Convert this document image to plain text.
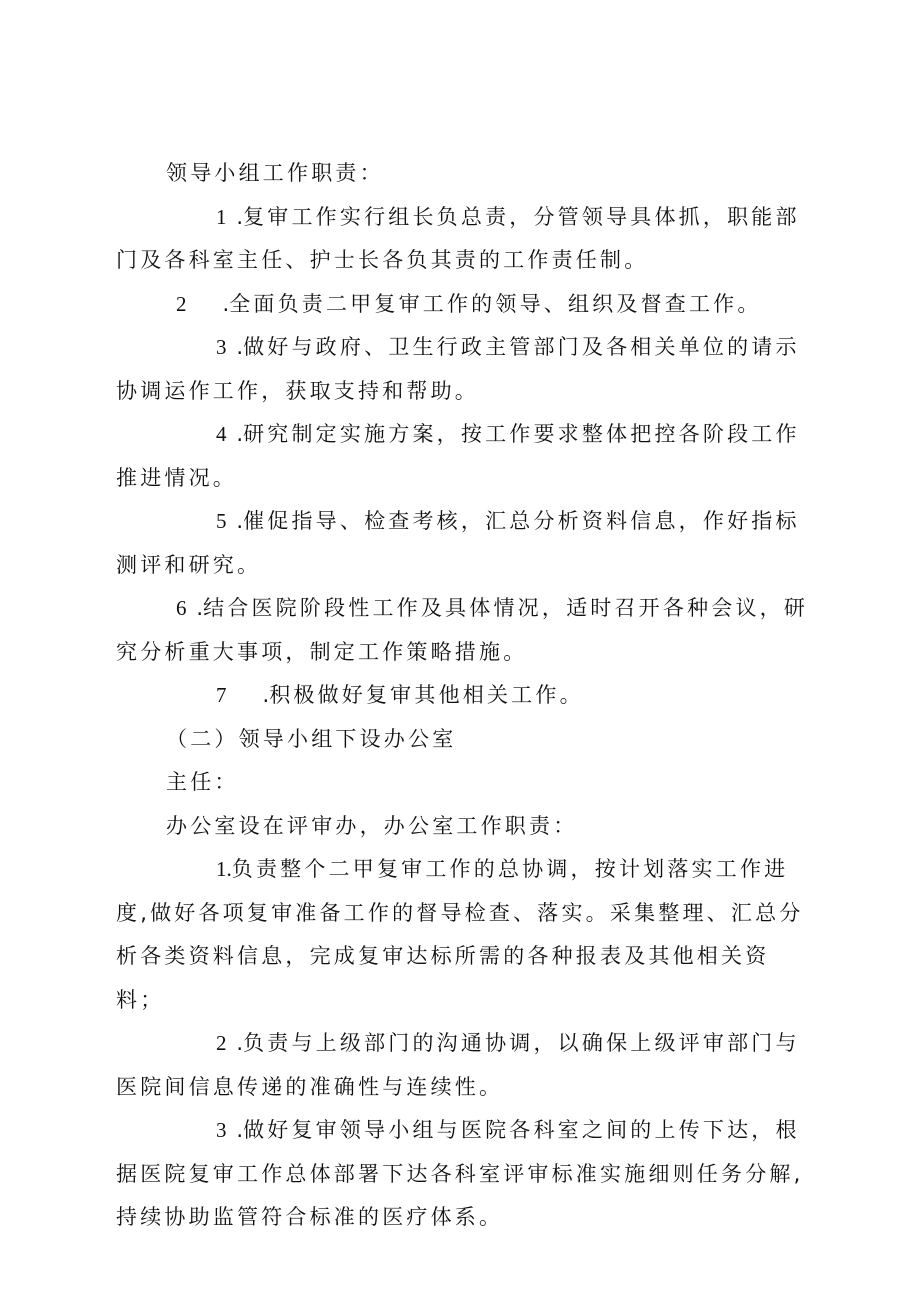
领导小组工作职责：

1 .复审工作实行组长负总责，分管领导具体抓，职能部门及各科室主任、护士长各负其责的工作责任制。

2 .全面负责二甲复审工作的领导、组织及督查工作。

3 .做好与政府、卫生行政主管部门及各相关单位的请示协调运作工作，获取支持和帮助。

4 .研究制定实施方案，按工作要求整体把控各阶段工作推进情况。

5 .催促指导、检查考核，汇总分析资料信息，作好指标测评和研究。

6 .结合医院阶段性工作及具体情况，适时召开各种会议，研究分析重大事项，制定工作策略措施。

7 .积极做好复审其他相关工作。

（二）领导小组下设办公室

主任：

办公室设在评审办，办公室工作职责：

1.负责整个二甲复审工作的总协调，按计划落实工作进度,做好各项复审准备工作的督导检查、落实。采集整理、汇总分析各类资料信息，完成复审达标所需的各种报表及其他相关资料；

2 .负责与上级部门的沟通协调，以确保上级评审部门与医院间信息传递的准确性与连续性。

3 .做好复审领导小组与医院各科室之间的上传下达，根据医院复审工作总体部署下达各科室评审标准实施细则任务分解,持续协助监管符合标准的医疗体系。
